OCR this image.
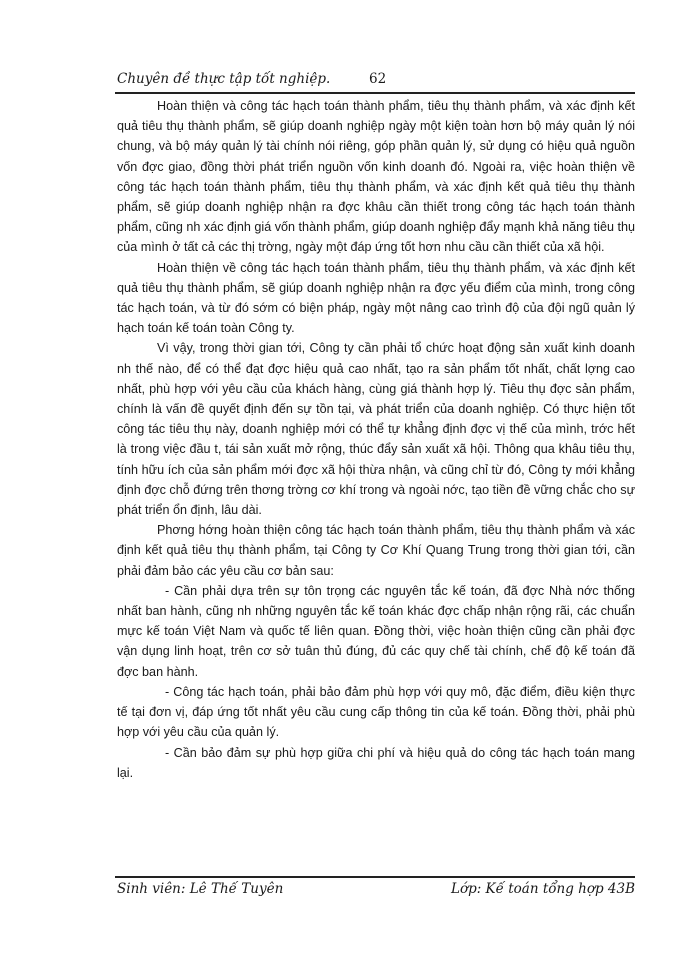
Chuyên đề thực tập tốt nghiệp.	62

Hoàn thiện và công tác hạch toán thành phẩm, tiêu thụ thành phẩm, và xác định kết quả tiêu thụ thành phẩm, sẽ giúp doanh nghiệp ngày một kiện toàn hơn bộ máy quản lý nói chung, và bộ máy quản lý tài chính nói riêng, góp phần quản lý, sử dụng có hiệu quả nguồn vốn đợc giao, đồng thời phát triển nguồn vốn kinh doanh đó. Ngoài ra, việc hoàn thiện về công tác hạch toán thành phẩm, tiêu thụ thành phẩm, và xác định kết quả tiêu thụ thành phẩm, sẽ giúp doanh nghiệp nhận ra đợc khâu cần thiết trong công tác hạch toán thành phẩm, cũng nh xác định giá vốn thành phẩm, giúp doanh nghiệp đẩy mạnh khả năng tiêu thụ của mình ở tất cả các thị trờng, ngày một đáp ứng tốt hơn nhu cầu cần thiết của xã hội.

Hoàn thiện về công tác hạch toán thành phẩm, tiêu thụ thành phẩm, và xác định kết quả tiêu thụ thành phẩm, sẽ giúp doanh nghiệp nhận ra đợc yếu điểm của mình, trong công tác hạch toán, và từ đó sớm có biện pháp, ngày một nâng cao trình độ của đội ngũ quản lý hạch toán kế toán toàn Công ty.

Vì vậy, trong thời gian tới, Công ty cần phải tổ chức hoạt động sản xuất kinh doanh nh thế nào, để có thể đạt đợc hiệu quả cao nhất, tạo ra sản phẩm tốt nhất, chất lợng cao nhất, phù hợp với yêu cầu của khách hàng, cùng giá thành hợp lý. Tiêu thụ đợc sản phẩm, chính là vấn đề quyết định đến sự tồn tại, và phát triển của doanh nghiệp. Có thực hiện tốt công tác tiêu thụ này, doanh nghiệp mới có thể tự khẳng định đợc vị thế của mình, trớc hết là trong việc đầu t, tái sản xuất mở rộng, thúc đẩy sản xuất xã hội. Thông qua khâu tiêu thụ, tính hữu ích của sản phẩm mới đợc xã hội thừa nhận, và cũng chỉ từ đó, Công ty mới khẳng định đợc chỗ đứng trên thơng trờng cơ khí trong và ngoài nớc, tạo tiền đề vững chắc cho sự phát triển ổn định, lâu dài.

Phơng hớng hoàn thiện công tác hạch toán thành phẩm, tiêu thụ thành phẩm và xác định kết quả tiêu thụ thành phẩm, tại Công ty Cơ Khí Quang Trung trong thời gian tới, cần phải đảm bảo các yêu cầu cơ bản sau:

- Cần phải dựa trên sự tôn trọng các nguyên tắc kế toán, đã đợc Nhà nớc thống nhất ban hành, cũng nh những nguyên tắc kế toán khác đợc chấp nhận rộng rãi, các chuẩn mực kế toán Việt Nam và quốc tế liên quan. Đồng thời, việc hoàn thiện cũng cần phải đợc vận dụng linh hoạt, trên cơ sở tuân thủ đúng, đủ các quy chế tài chính, chế độ kế toán đã đợc ban hành.

- Công tác hạch toán, phải bảo đảm phù hợp với quy mô, đặc điểm, điều kiện thực tế tại đơn vị, đáp ứng tốt nhất yêu cầu cung cấp thông tin của kế toán. Đồng thời, phải phù hợp với yêu cầu của quản lý.

- Cần bảo đảm sự phù hợp giữa chi phí và hiệu quả do công tác hạch toán mang lại.

Sinh viên: Lê Thế Tuyên	Lớp: Kế toán tổng hợp 43B
